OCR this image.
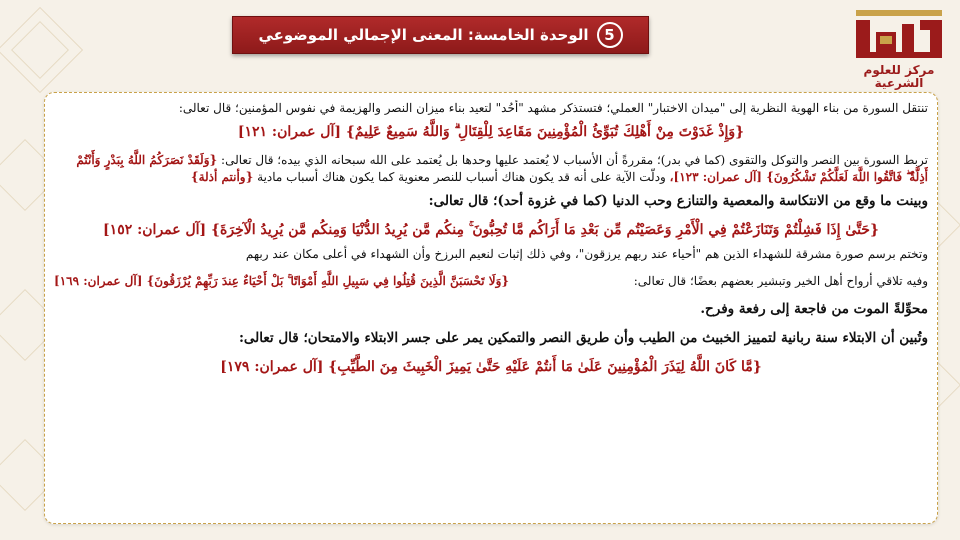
5
الوحدة الخامسة: المعنى الإجمالي الموضوعي
مركز للعلوم الشرعية
تنتقل السورة من بناء الهوية النظرية إلى "ميدان الاختبار" العملي؛ فتستذكر مشهد "أُحُد" لتعيد بناء ميزان النصر والهزيمة في نفوس المؤمنين؛ قال تعالى:
{وَإِذْ غَدَوْتَ مِنْ أَهْلِكَ تُبَوِّئُ الْمُؤْمِنِينَ مَقَاعِدَ لِلْقِتَالِ ۗ وَاللَّهُ سَمِيعٌ عَلِيمٌ} [آل عمران: ١٢١]
تربط السورة بين النصر والتوكل والتقوى (كما في بدر)؛ مقررةً أن الأسباب لا يُعتمد عليها وحدها بل يُعتمد على الله سبحانه الذي بيده؛ قال تعالى: {وَلَقَدْ نَصَرَكُمُ اللَّهُ بِبَدْرٍ وَأَنْتُمْ أَذِلَّةٌ ۖ فَاتَّقُوا اللَّهَ لَعَلَّكُمْ تَشْكُرُونَ} [آل عمران: ١٢٣]، ودلّت الآية على أنه قد يكون هناك أسباب للنصر معنوية كما يكون هناك أسباب مادية {وأنتم أذلة}
وبينت ما وقع من الانتكاسة والمعصية والتنازع وحب الدنيا (كما في غزوة أحد)؛ قال تعالى:
{حَتَّىٰ إِذَا فَشِلْتُمْ وَتَنَازَعْتُمْ فِي الْأَمْرِ وَعَصَيْتُم مِّن بَعْدِ مَا أَرَاكُم مَّا تُحِبُّونَ ۚ مِنكُم مَّن يُرِيدُ الدُّنْيَا وَمِنكُم مَّن يُرِيدُ الْآخِرَةَ} [آل عمران: ١٥٢]
وتختم برسم صورة مشرقة للشهداء الذين هم "أحياء عند ربهم يرزقون"، وفي ذلك إثبات لنعيم البرزخ وأن الشهداء في أعلى مكان عند ربهم
وفيه تلاقي أرواح أهل الخير وتبشير بعضهم بعضًا؛ قال تعالى:
{وَلَا تَحْسَبَنَّ الَّذِينَ قُتِلُوا فِي سَبِيلِ اللَّهِ أَمْوَاتًا ۚ بَلْ أَحْيَاءٌ عِندَ رَبِّهِمْ يُرْزَقُونَ} [آل عمران: ١٦٩]
محوِّلةً الموت من فاجعة إلى رفعة وفرح.
وتُبين أن الابتلاء سنة ربانية لتمييز الخبيث من الطيب وأن طريق النصر والتمكين يمر على جسر الابتلاء والامتحان؛ قال تعالى:
{مَّا كَانَ اللَّهُ لِيَذَرَ الْمُؤْمِنِينَ عَلَىٰ مَا أَنتُمْ عَلَيْهِ حَتَّىٰ يَمِيزَ الْخَبِيثَ مِنَ الطَّيِّبِ} [آل عمران: ١٧٩]
